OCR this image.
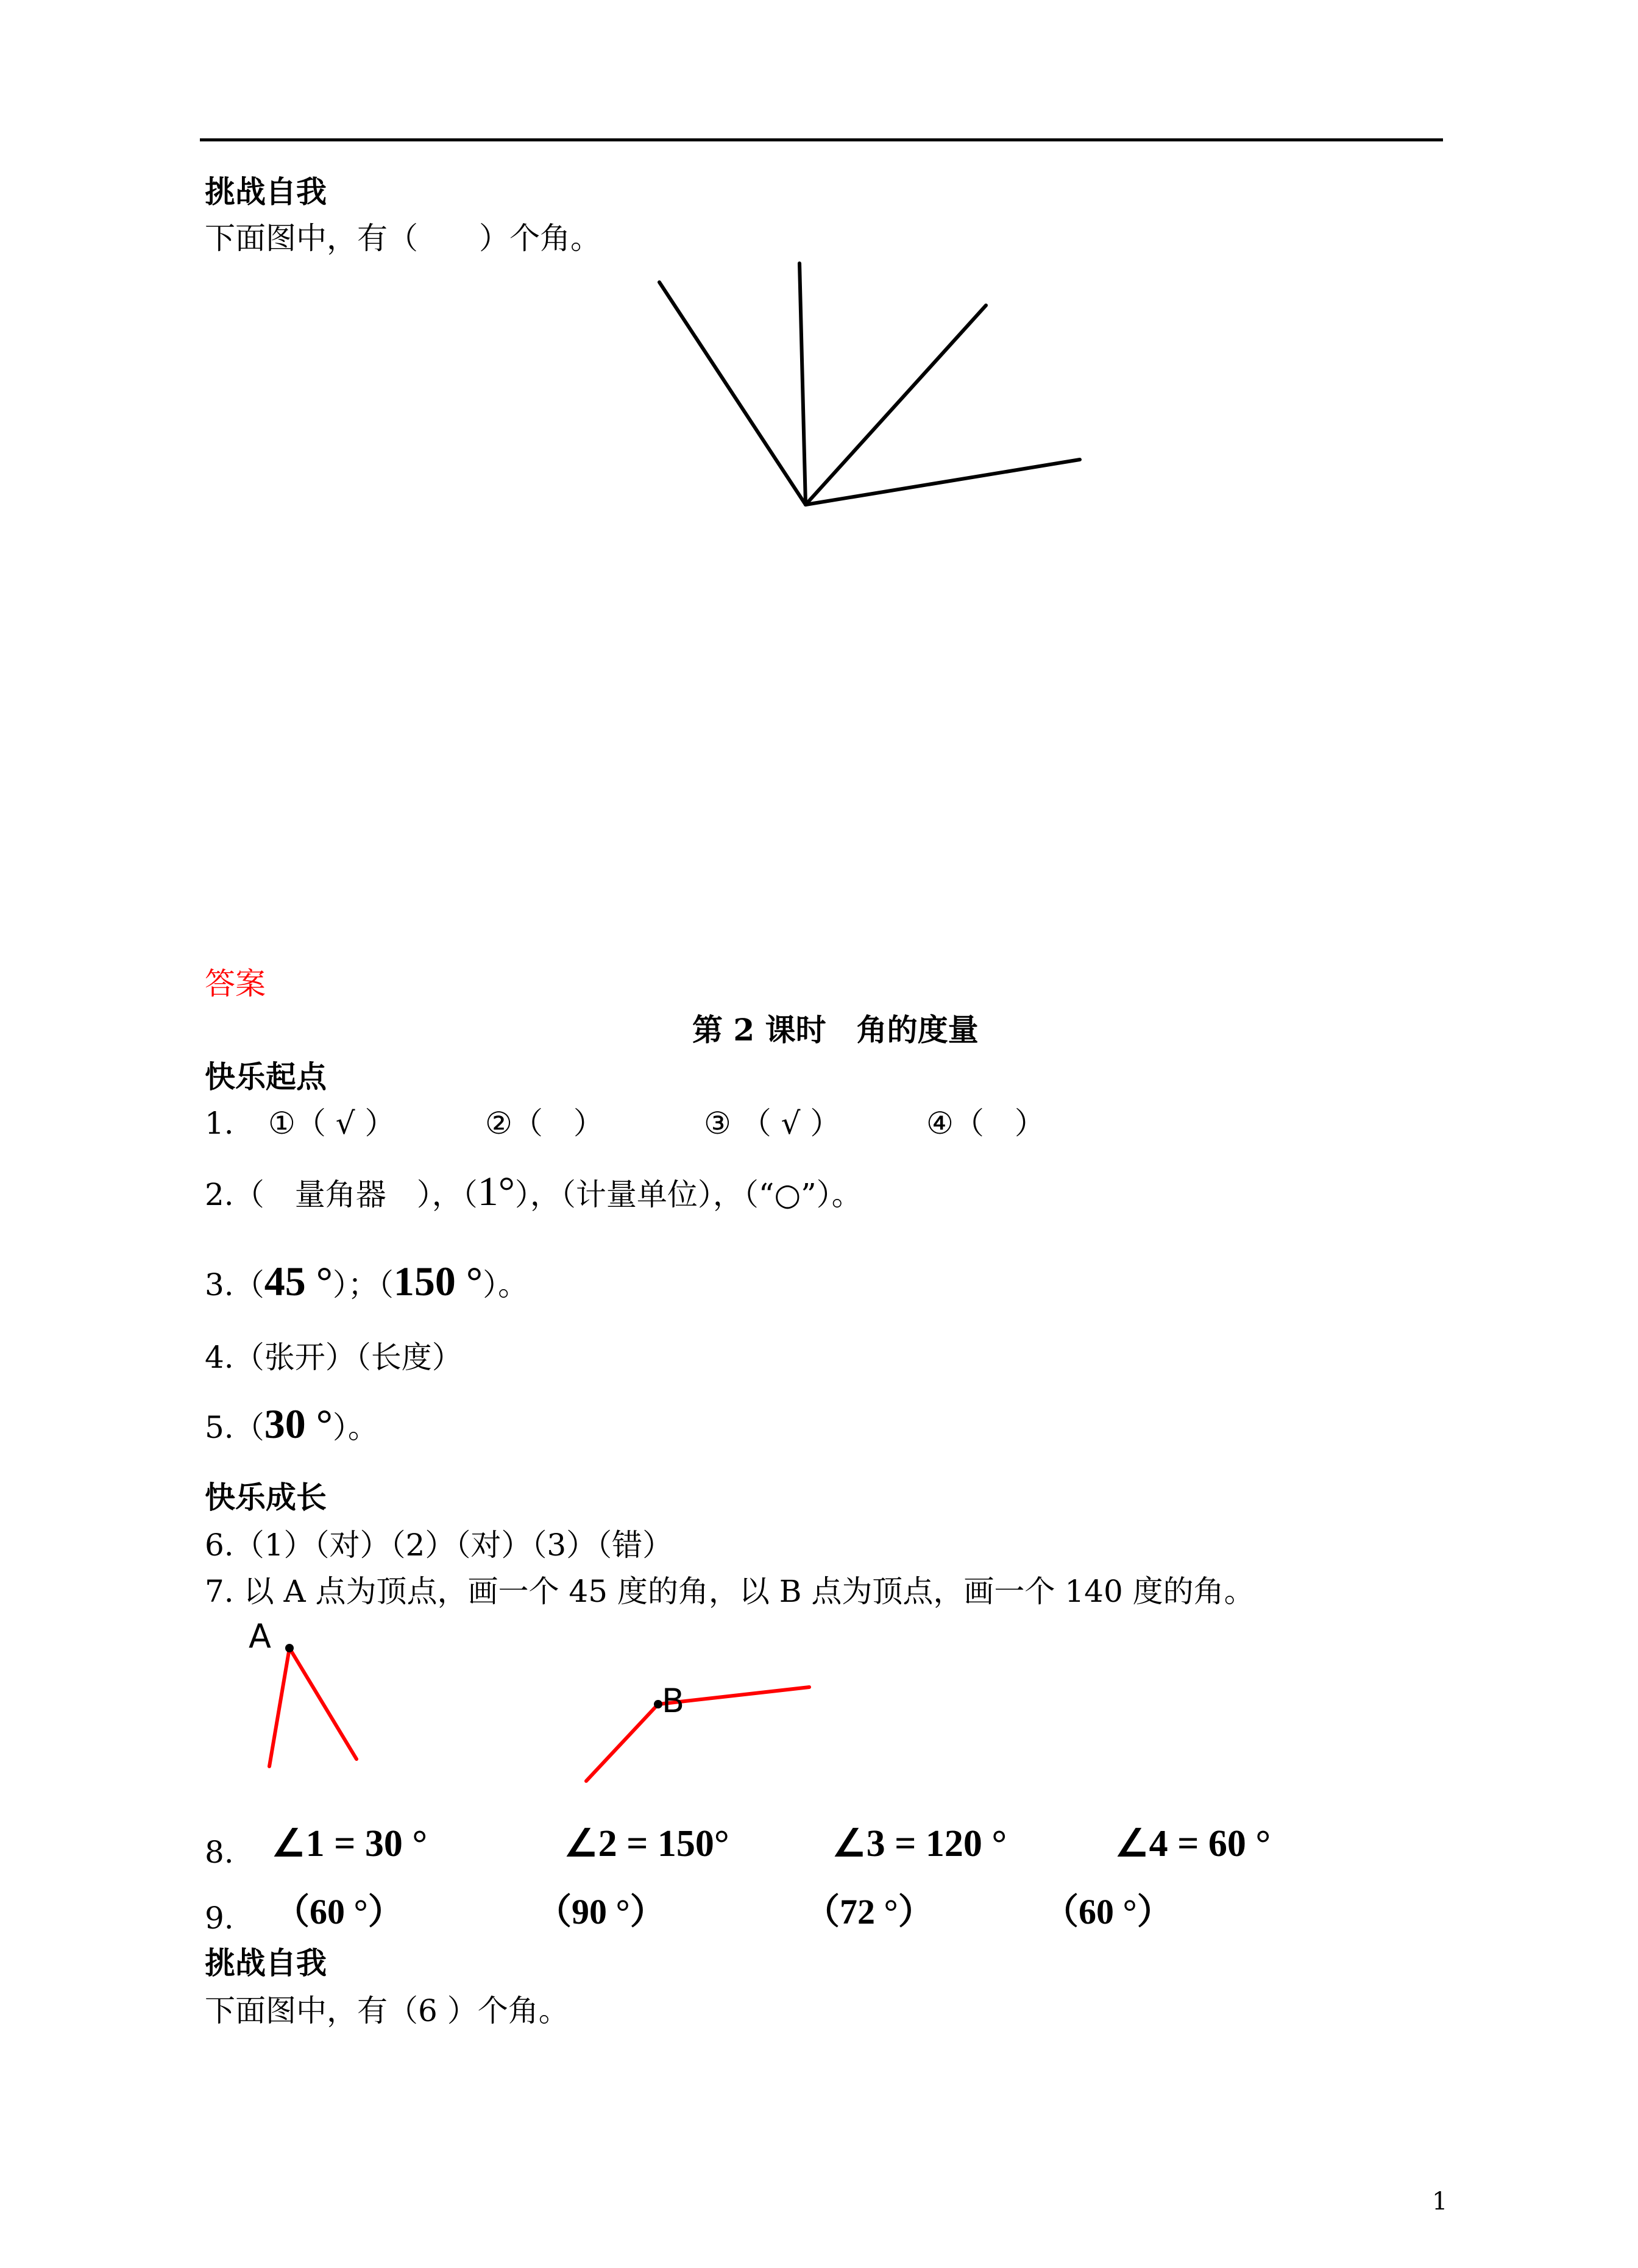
挑战自我
下面图中，有（　　）个角。
答案
第 2 课时　角的度量
快乐起点
1. ①（ √ ）	②（　）	③ （ √ ）	④（　）
2.（　量角器　），（1°），（计量单位），（“○”）。
3.（45 °）；（150 °）。
4.（张开）（长度）
5.（30 °）。
快乐成长
6.（1）（对）（2）（对）（3）（错）
7. 以 A 点为顶点，画一个 45 度的角，以 B 点为顶点，画一个 140 度的角。
A
B
8. ∠1 = 30 °	∠2 = 150°	∠3 = 120 °	∠4 = 60 °
9. （60 °）	（90 °）	（72 °）	（60 °）
挑战自我
下面图中，有（6 ）个角。
1
